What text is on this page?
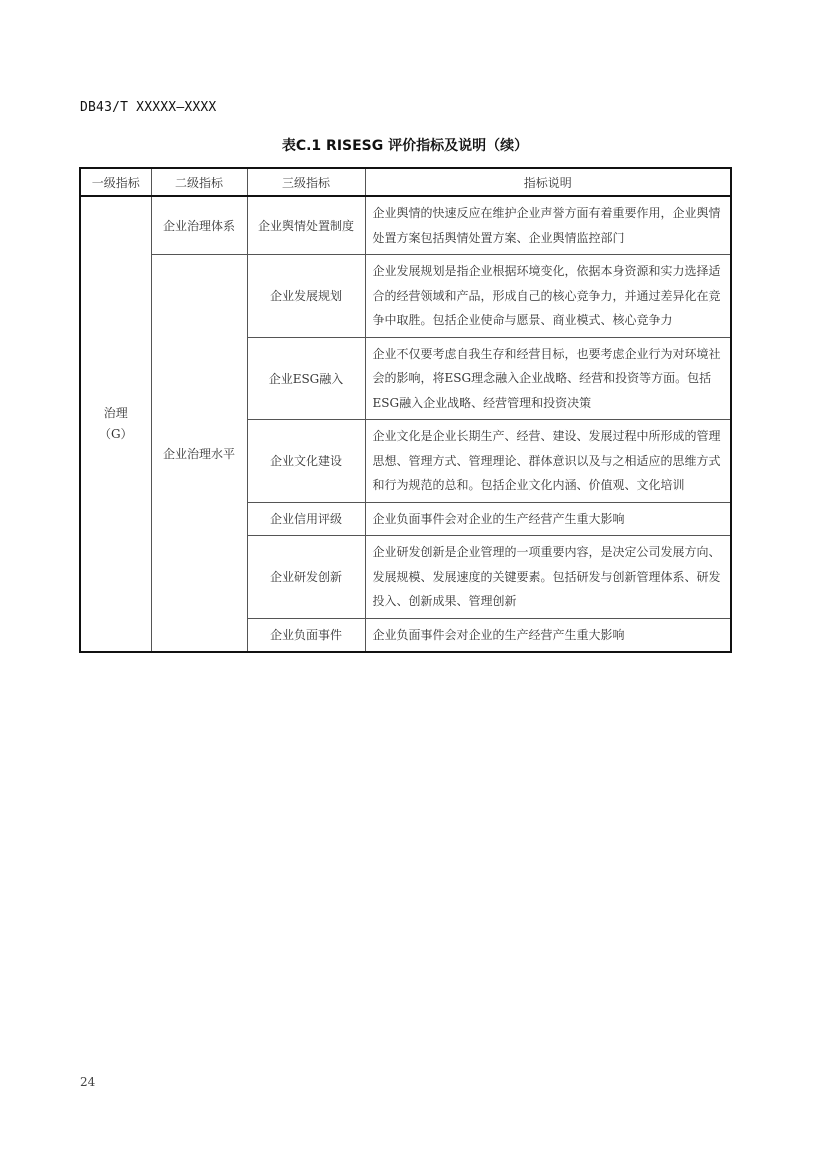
DB43/T XXXXX—XXXX
表C.1 RISESG 评价指标及说明（续）
一级指标	二级指标	三级指标	指标说明

治理
（G）	企业治理体系	企业舆情处置制度	企业舆情的快速反应在维护企业声誉方面有着重要作用，企业舆情处置方案包括舆情处置方案、企业舆情监控部门
	企业治理水平	企业发展规划	企业发展规划是指企业根据环境变化，依据本身资源和实力选择适合的经营领域和产品，形成自己的核心竞争力，并通过差异化在竞争中取胜。包括企业使命与愿景、商业模式、核心竞争力
		企业ESG融入	企业不仅要考虑自我生存和经营目标，也要考虑企业行为对环境社会的影响，将ESG理念融入企业战略、经营和投资等方面。包括ESG融入企业战略、经营管理和投资决策
		企业文化建设	企业文化是企业长期生产、经营、建设、发展过程中所形成的管理思想、管理方式、管理理论、群体意识以及与之相适应的思维方式和行为规范的总和。包括企业文化内涵、价值观、文化培训
		企业信用评级	企业负面事件会对企业的生产经营产生重大影响
		企业研发创新	企业研发创新是企业管理的一项重要内容，是决定公司发展方向、发展规模、发展速度的关键要素。包括研发与创新管理体系、研发投入、创新成果、管理创新
		企业负面事件	企业负面事件会对企业的生产经营产生重大影响
24
